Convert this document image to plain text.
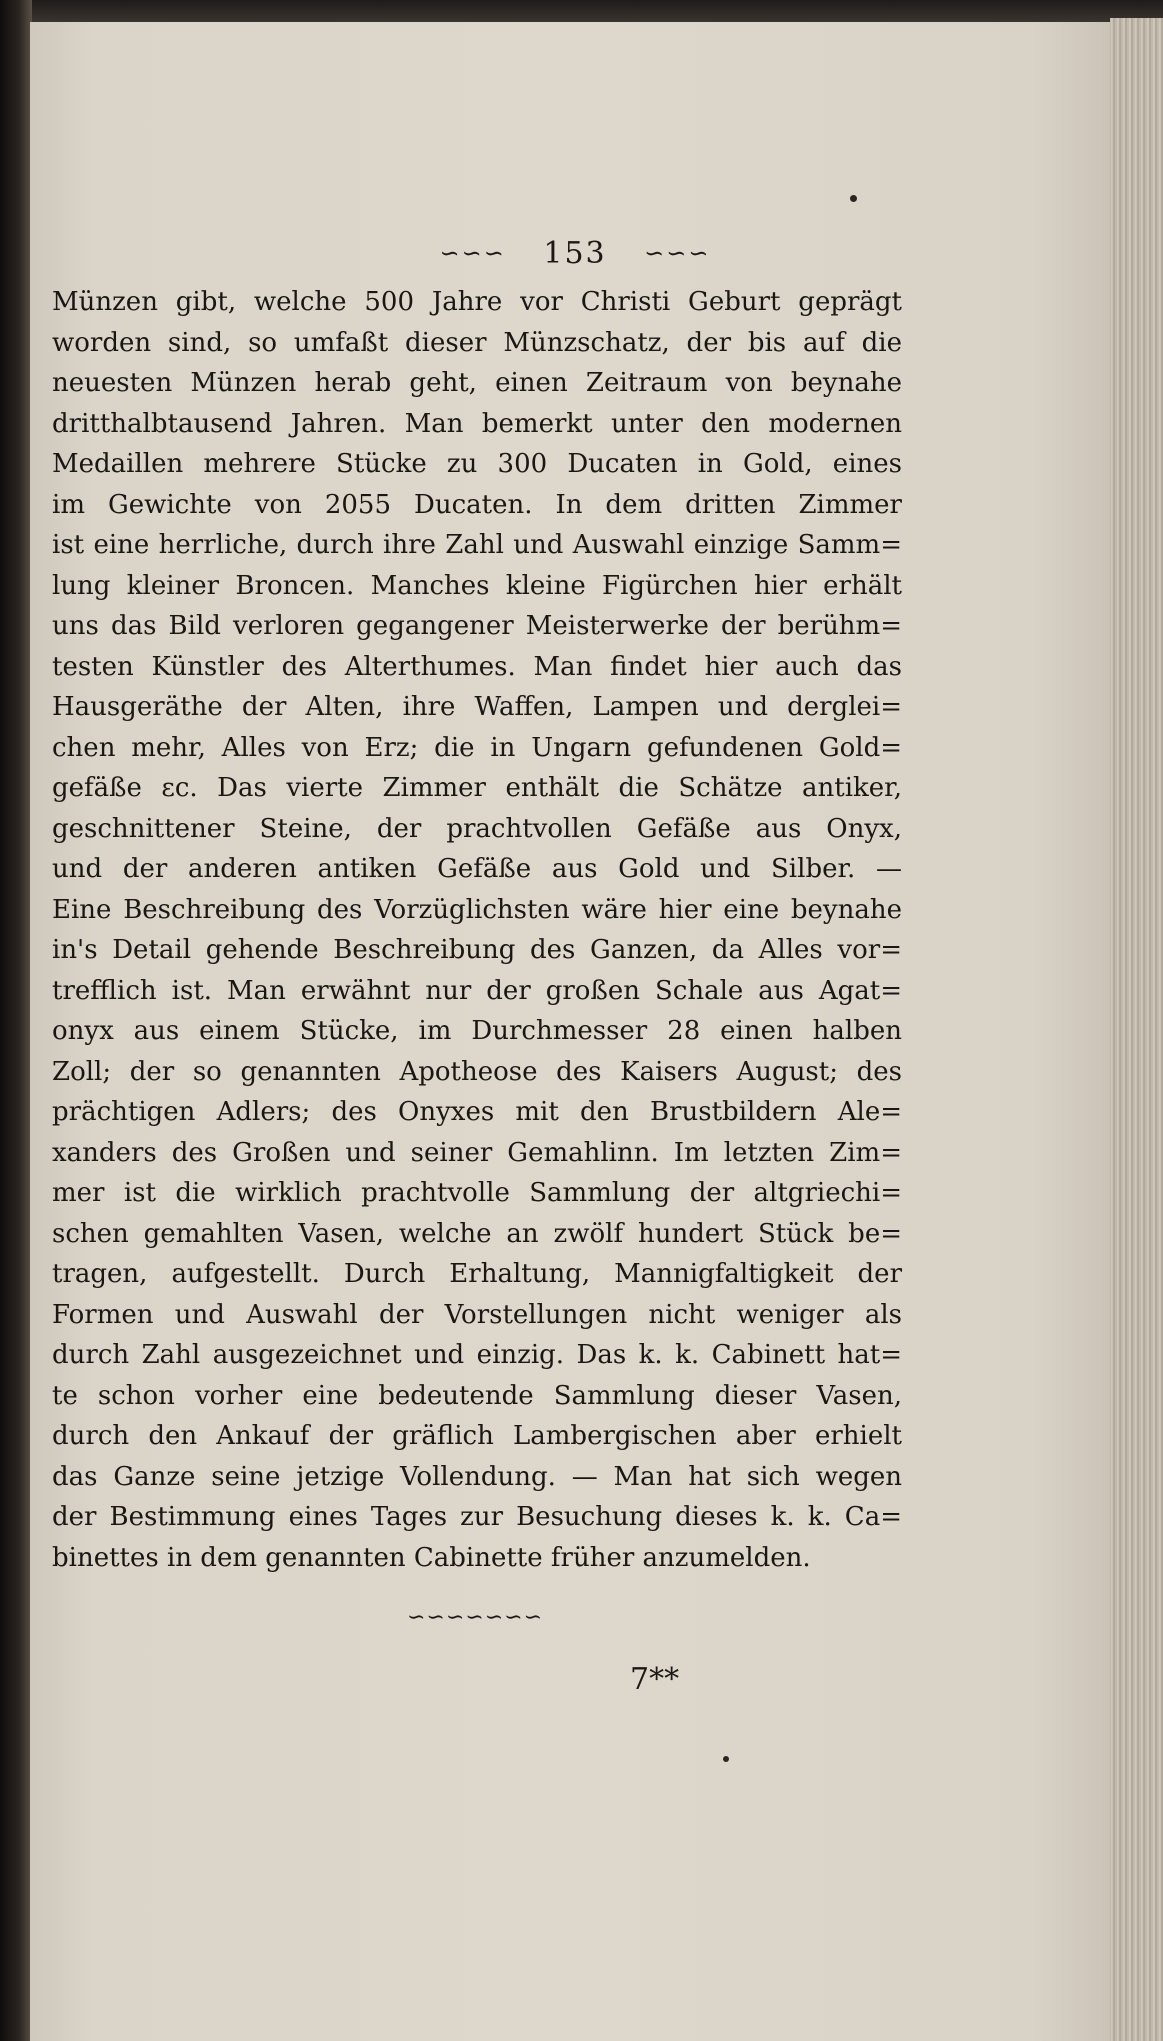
∽∽∽ 153 ∽∽∽
Münzen gibt, welche 500 Jahre vor Christi Geburt geprägt
worden sind, so umfaßt dieser Münzschatz, der bis auf die
neuesten Münzen herab geht, einen Zeitraum von beynahe
dritthalbtausend Jahren. Man bemerkt unter den modernen
Medaillen mehrere Stücke zu 300 Ducaten in Gold, eines
im Gewichte von 2055 Ducaten. In dem dritten Zimmer
ist eine herrliche, durch ihre Zahl und Auswahl einzige Samm=
lung kleiner Broncen. Manches kleine Figürchen hier erhält
uns das Bild verloren gegangener Meisterwerke der berühm=
testen Künstler des Alterthumes. Man findet hier auch das
Hausgeräthe der Alten, ihre Waffen, Lampen und derglei=
chen mehr, Alles von Erz; die in Ungarn gefundenen Gold=
gefäße ɛc. Das vierte Zimmer enthält die Schätze antiker,
geschnittener Steine, der prachtvollen Gefäße aus Onyx,
und der anderen antiken Gefäße aus Gold und Silber. —
Eine Beschreibung des Vorzüglichsten wäre hier eine beynahe
in's Detail gehende Beschreibung des Ganzen, da Alles vor=
trefflich ist. Man erwähnt nur der großen Schale aus Agat=
onyx aus einem Stücke, im Durchmesser 28 einen halben
Zoll; der so genannten Apotheose des Kaisers August; des
prächtigen Adlers; des Onyxes mit den Brustbildern Ale=
xanders des Großen und seiner Gemahlinn. Im letzten Zim=
mer ist die wirklich prachtvolle Sammlung der altgriechi=
schen gemahlten Vasen, welche an zwölf hundert Stück be=
tragen, aufgestellt. Durch Erhaltung, Mannigfaltigkeit der
Formen und Auswahl der Vorstellungen nicht weniger als
durch Zahl ausgezeichnet und einzig. Das k. k. Cabinett hat=
te schon vorher eine bedeutende Sammlung dieser Vasen,
durch den Ankauf der gräflich Lambergischen aber erhielt
das Ganze seine jetzige Vollendung. — Man hat sich wegen
der Bestimmung eines Tages zur Besuchung dieses k. k. Ca=
binettes in dem genannten Cabinette früher anzumelden.
∽∽∽∽∽∽∽
7**
